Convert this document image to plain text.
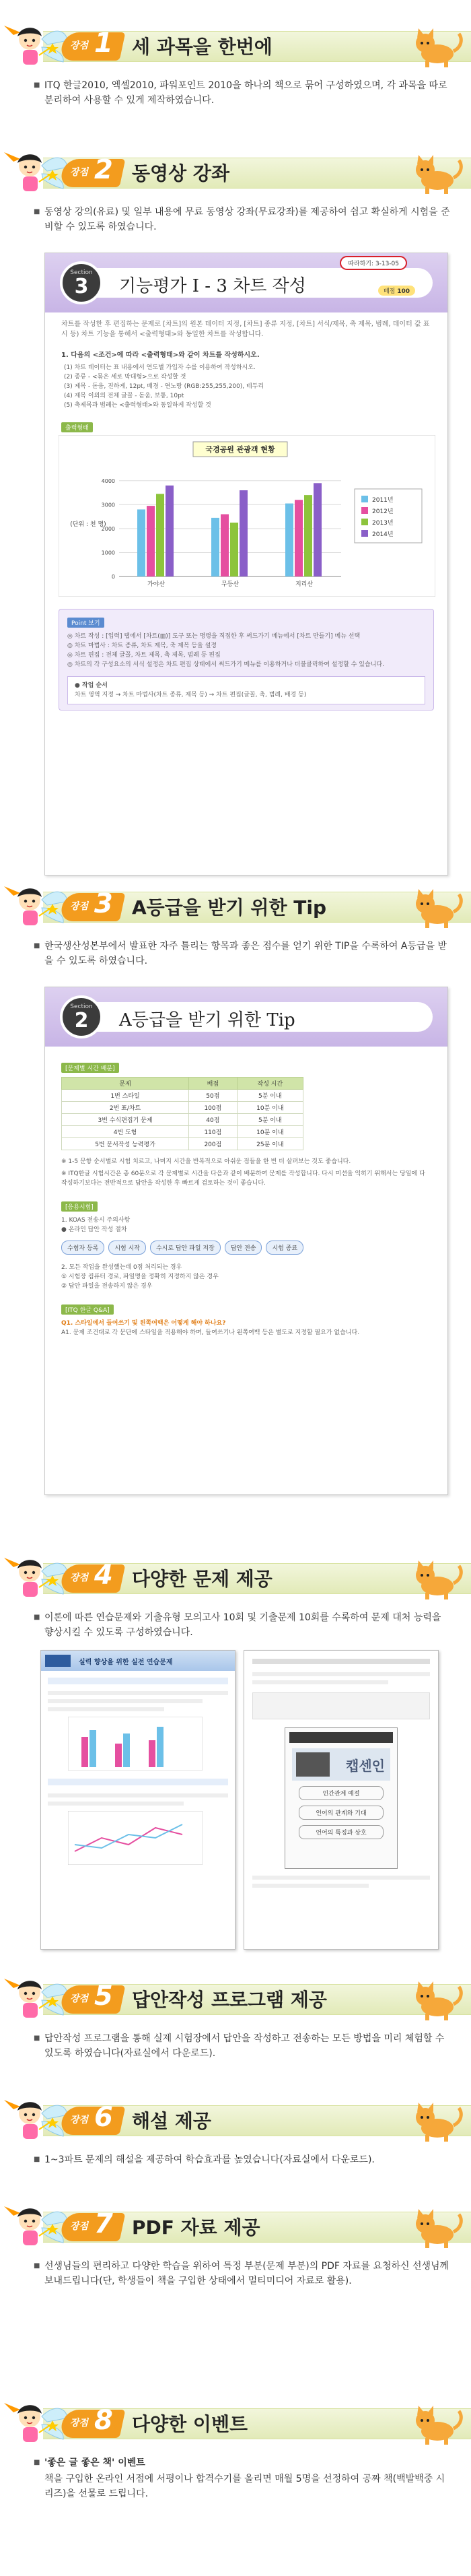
장점 1 세 과목을 한번에
■ ITQ 한글2010, 엑셀2010, 파워포인트 2010을 하나의 책으로 묶어 구성하였으며, 각 과목을 따로 분리하여 사용할 수 있게 제작하였습니다.
장점 2 동영상 강좌
■ 동영상 강의(유료) 및 일부 내용에 무료 동영상 강좌(무료강좌)를 제공하여 쉽고 확실하게 시험을 준비할 수 있도록 하였습니다.
Section
3	기능평가 I - 3 차트 작성
따라하기: 3-13-05
배점 100
차트를 작성한 후 편집하는 문제로 [차트]의 원본 데이터 지정, [차트] 종류 지정, [차트] 서식/제목, 축 제목, 범례, 데이터 값 표시 등) 차트 기능을 통해서 <출력형태>와 동일한 차트를 작성합니다.
1. 다음의 <조건>에 따라 <출력형태>와 같이 차트를 작성하시오.
(1) 차트 데이터는 표 내용에서 연도별 가입자 수를 이용하여 작성하시오.
(2) 종류 - <묶은 세로 막대형>으로 작성할 것
(3) 제목 - 돋움, 진하게, 12pt, 배경 - 연노랑 (RGB:255,255,200), 테두리
(4) 제목 이외의 전체 글꼴 - 돋움, 보통, 10pt
(5) 축제목과 범례는 <출력형태>와 동일하게 작성할 것
출력형태
국경공원 관광객 현황
(단위 : 천 명)
0
1000
2000
3000
4000
가야산	무등산	지리산
2011년
2012년
2013년
2014년
Point 보기
◎ 차트 작성 : [입력] 탭에서 [차트(▥)] 도구 또는 명령을 직접한 후 써드가기 메뉴에서 [차트 만들기] 메뉴 선택
◎ 차트 마법사 : 차트 종류, 차트 제목, 축 제목 등을 설정
◎ 차트 편집 : 전체 글꼴, 차트 제목, 축 제목, 범례 등 편집
◎ 차트의 각 구성요소의 서식 설정은 차트 편집 상태에서 써드가기 메뉴를 이용하거나 더블클릭하여 설정할 수 있습니다.
● 작업 순서
차트 영역 지정 → 차트 마법사(차트 종류, 제목 등) → 차트 편집(글꼴, 축, 범례, 배경 등)
장점 3 A등급을 받기 위한 Tip
■ 한국생산성본부에서 발표한 자주 틀리는 항목과 좋은 점수를 얻기 위한 TIP을 수록하여 A등급을 받을 수 있도록 하였습니다.
Section
2	A등급을 받기 위한 Tip
[문제별 시간 배분]
문제	배점	작성 시간
1번 스타일	50점	5분 이내
2번 표/차트	100점	10분 이내
3번 수식편집기 문제	40점	5분 이내
4번 도형	110점	10분 이내
5번 문서작성 능력평가	200점	25분 이내
※ 1-5 문항 순서별로 시험 치르고, 나머지 시간을 반복적으로 아쉬운 점들을 한 번 더 살펴보는 것도 좋습니다.
※ ITQ한글 시험시간은 총 60분으로 각 문제별로 시간을 다음과 같이 배분하여 문제를 작성합니다. 다시 미션을 익히기 위해서는 당일에 다 작성하기보다는 전반적으로 답안을 작성한 후 빠르게 검토하는 것이 좋습니다.
[응용시험]
1. KOAS 전송시 주의사항
● 온라인 답안 작성 절차
수험자 등록	시험 시작	수시로 답안 파일 저장	답안 전송	시험 종료
2. 모든 작업을 완성했는데 0점 처리되는 경우
① 시험장 컴퓨터 경로, 파일명을 정확히 지정하지 않은 경우
② 답안 파일을 전송하지 않은 경우
[ITQ 한글 Q&A]
Q1. 스타일에서 들여쓰기 및 왼쪽여백은 어떻게 해야 하나요?
A1. 문제 조건대로 각 문단에 스타일을 적용해야 하며, 들여쓰기나 왼쪽여백 등은 별도로 지정할 필요가 없습니다.
장점 4 다양한 문제 제공
■ 이론에 따른 연습문제와 기출유형 모의고사 10회 및 기출문제 10회를 수록하여 문제 대처 능력을 향상시킬 수 있도록 구성하였습니다.
실력 향상을 위한 실전 연습문제
캡센인
인간관계 예절
언어의 관계와 기대
언어의 특징과 상호
장점 5 답안작성 프로그램 제공
■ 답안작성 프로그램을 통해 실제 시험장에서 답안을 작성하고 전송하는 모든 방법을 미리 체험할 수 있도록 하였습니다(자료실에서 다운로드).
장점 6 해설 제공
■ 1~3파트 문제의 해설을 제공하여 학습효과를 높였습니다(자료실에서 다운로드).
장점 7 PDF 자료 제공
■ 선생님들의 편리하고 다양한 학습을 위하여 특정 부분(문제 부분)의 PDF 자료를 요청하신 선생님께 보내드립니다(단, 학생들이 책을 구입한 상태에서 멀티미디어 자료로 활용).
장점 8 다양한 이벤트
■ '좋은 글 좋은 책' 이벤트
책을 구입한 온라인 서점에 서평이나 합격수기를 올리면 매월 5명을 선정하여 공짜 책(백발백중 시리즈)을 선물로 드립니다.
